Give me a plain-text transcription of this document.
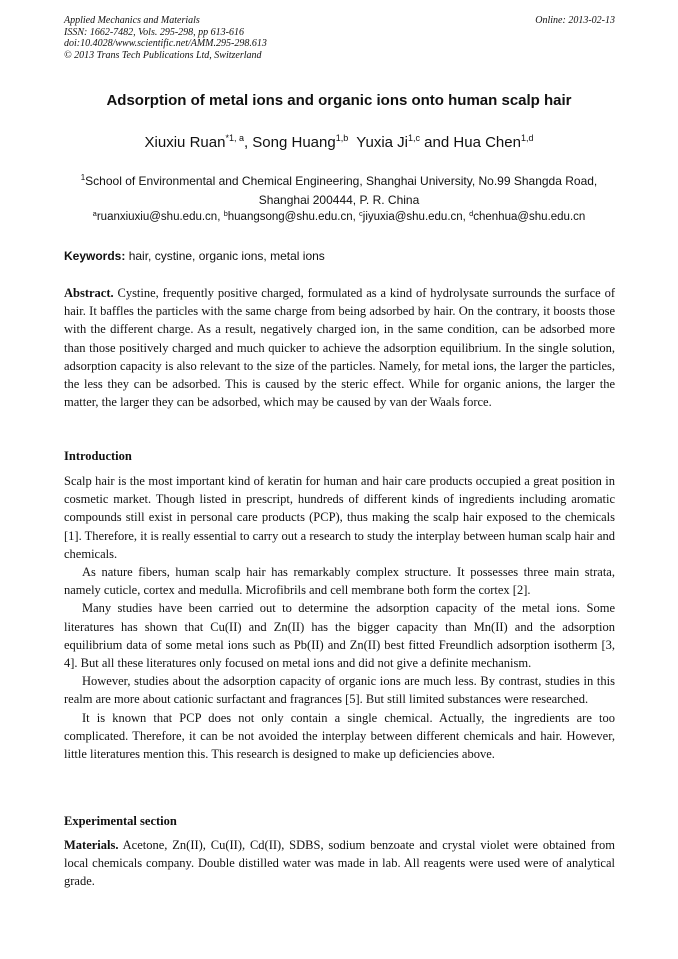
Applied Mechanics and Materials
ISSN: 1662-7482, Vols. 295-298, pp 613-616
doi:10.4028/www.scientific.net/AMM.295-298.613
© 2013 Trans Tech Publications Ltd, Switzerland
Online: 2013-02-13
Adsorption of metal ions and organic ions onto human scalp hair
Xiuxiu Ruan$^{*1, a}$, Song Huang$^{1,b}$ Yuxia Ji$^{1,c}$ and Hua Chen$^{1,d}$
$^1$School of Environmental and Chemical Engineering, Shanghai University, No.99 Shangda Road,
Shanghai 200444, P. R. China
$^a$ruanxiuxiu@shu.edu.cn, $^b$huangsong@shu.edu.cn, $^c$jiyuxia@shu.edu.cn, $^d$chenhua@shu.edu.cn
Keywords: hair, cystine, organic ions, metal ions

Abstract. Cystine, frequently positive charged, formulated as a kind of hydrolysate surrounds the surface of hair. It baffles the particles with the same charge from being adsorbed by hair. On the contrary, it boosts those with the different charge. As a result, negatively charged ion, in the same condition, can be adsorbed more than those positively charged and much quicker to achieve the adsorption equilibrium. In the single solution, adsorption capacity is also relevant to the size of the particles. Namely, for metal ions, the larger the particles, the less they can be adsorbed. This is caused by the steric effect. While for organic anions, the larger the matter, the larger they can be adsorbed, which may be caused by van der Waals force.

Introduction

Scalp hair is the most important kind of keratin for human and hair care products occupied a great position in cosmetic market. Though listed in prescript, hundreds of different kinds of ingredients including aromatic compounds still exist in personal care products (PCP), thus making the scalp hair exposed to the chemicals [1]. Therefore, it is really essential to carry out a research to study the interplay between human scalp hair and chemicals.

As nature fibers, human scalp hair has remarkably complex structure. It possesses three main strata, namely cuticle, cortex and medulla. Microfibrils and cell membrane both form the cortex [2].

Many studies have been carried out to determine the adsorption capacity of the metal ions. Some literatures has shown that Cu(II) and Zn(II) has the bigger capacity than Mn(II) and the adsorption equilibrium data of some metal ions such as Pb(II) and Zn(II) best fitted Freundlich adsorption isotherm [3, 4]. But all these literatures only focused on metal ions and did not give a definite mechanism.

However, studies about the adsorption capacity of organic ions are much less. By contrast, studies in this realm are more about cationic surfactant and fragrances [5]. But still limited substances were researched.

It is known that PCP does not only contain a single chemical. Actually, the ingredients are too complicated. Therefore, it can be not avoided the interplay between different chemicals and hair. However, little literatures mention this. This research is designed to make up deficiencies above.

Experimental section

Materials. Acetone, Zn(II), Cu(II), Cd(II), SDBS, sodium benzoate and crystal violet were obtained from local chemicals company. Double distilled water was made in lab. All reagents were used were of analytical grade.
